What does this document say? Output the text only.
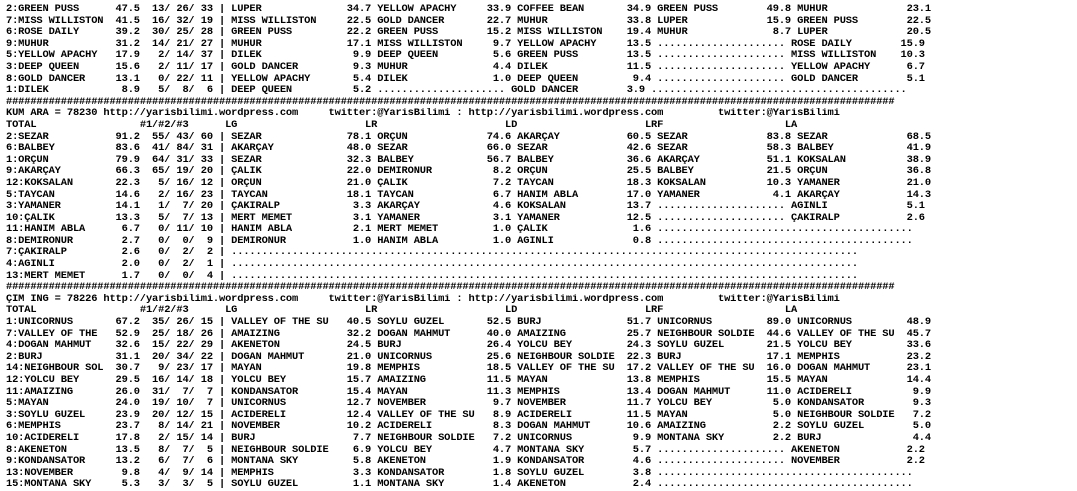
2:GREEN PUSS      47.5  13/ 26/ 33 | LUPER              34.7 YELLOW APACHY     33.9 COFFEE BEAN       34.9 GREEN PUSS        49.8 MÜHÜR             23.1
7:MISS WILLISTON  41.5  16/ 32/ 19 | MISS WILLISTON     22.5 GOLD DANCER       22.7 MÜHÜR             33.8 LUPER             15.9 GREEN PUSS        22.5
6:ROSE DAILY      39.2  30/ 25/ 28 | GREEN PUSS         22.2 GREEN PUSS        15.2 MISS WILLISTON    19.4 MÜHÜR              8.7 LUPER             20.5
9:MÜHÜR           31.2  14/ 21/ 27 | MÜHÜR              17.1 MISS WILLISTON     9.7 YELLOW APACHY     13.5 ..................... ROSE DAILY        15.9
5:YELLOW APACHY   17.9   2/ 14/ 37 | DİLEK               9.9 DEEP QUEEN         5.6 GREEN PUSS        13.5 ..................... MISS WILLISTON    10.3
3:DEEP QUEEN      15.6   2/ 11/ 17 | GOLD DANCER         9.3 MÜHÜR              4.4 DİLEK             11.5 ..................... YELLOW APACHY      6.7
8:GOLD DANCER     13.1   0/ 22/ 11 | YELLOW APACHY       5.4 DİLEK              1.0 DEEP QUEEN         9.4 ..................... GOLD DANCER        5.1
1:DİLEK            8.9   5/  8/  6 | DEEP QUEEN          5.2 ..................... GOLD DANCER        3.9 ..........................................
##################################################################################################################################################
KUM ARA = 78230 http://yarisbilimi.wordpress.com     twitter:@YarisBilimi : http://yarisbilimi.wordpress.com         twitter:@YarisBilimi
TOTAL                 #1/#2/#3      LG                     LR                     LD                     LRF                    LA
2:SEZAR           91.2  55/ 43/ 60 | SEZAR              78.1 ORÇUN             74.6 AKARÇAY           60.5 SEZAR             83.8 SEZAR             68.5
6:BALBEY          83.6  41/ 84/ 31 | AKARÇAY            48.0 SEZAR             66.0 SEZAR             42.6 SEZAR             58.3 BALBEY            41.9
1:ORÇUN           79.9  64/ 31/ 33 | SEZAR              32.3 BALBEY            56.7 BALBEY            36.6 AKARÇAY           51.1 KÖKSALAN          38.9
9:AKARÇAY         66.3  65/ 19/ 20 | ÇALIK              22.0 DEMİRONUR          8.2 ORÇUN             25.5 BALBEY            21.5 ORÇUN             36.8
12:KÖKSALAN       22.3   5/ 16/ 12 | ORÇUN              21.0 ÇALIK              7.2 TAYCAN            18.3 KÖKSALAN          10.3 YAMANER           21.0
5:TAYCAN          14.6   2/ 16/ 23 | TAYCAN             18.1 TAYCAN             6.7 HANIM ABLA        17.0 YAMANER            4.1 AKARÇAY           14.3
3:YAMANER         14.1   1/  7/ 20 | ÇAKIRALP            3.3 AKARÇAY            4.6 KÖKSALAN          13.7 ..................... AĞINLI             5.1
10:ÇALIK          13.3   5/  7/ 13 | MERT MEMET          3.1 YAMANER            3.1 YAMANER           12.5 ..................... ÇAKIRALP           2.6
11:HANIM ABLA      6.7   0/ 11/ 10 | HANIM ABLA          2.1 MERT MEMET         1.0 ÇALIK              1.6 ..........................................
8:DEMİRONUR        2.7   0/  0/  9 | DEMİRONUR           1.0 HANIM ABLA         1.0 AĞINLI             0.8 ..........................................
7:ÇAKIRALP         2.6   0/  2/  2 | .......................................................................................................
4:AĞINLI           2.0   0/  2/  1 | .......................................................................................................
13:MERT MEMET      1.7   0/  0/  4 | .......................................................................................................
##################################################################################################################################################
ÇIM ING = 78226 http://yarisbilimi.wordpress.com     twitter:@YarisBilimi : http://yarisbilimi.wordpress.com         twitter:@YarisBilimi
TOTAL                 #1/#2/#3      LG                     LR                     LD                     LRF                    LA
1:UNICORNUS       67.2  35/ 26/ 15 | VALLEY OF THE SU   40.5 SOYLU GÜZEL       52.5 BURJ              51.7 UNICORNUS         89.0 UNICORNUS         48.9
7:VALLEY OF THE   52.9  25/ 18/ 26 | AMAIZING           32.2 DOĞAN MAHMUT      40.0 AMAIZING          25.7 NEIGHBOUR SOLDIE  44.6 VALLEY OF THE SU  45.7
4:DOĞAN MAHMUT    32.6  15/ 22/ 29 | AKENETON           24.5 BURJ              26.4 YOLCU BEY         24.3 SOYLU GÜZEL       21.5 YOLCU BEY         33.6
2:BURJ            31.1  20/ 34/ 22 | DOĞAN MAHMUT       21.0 UNICORNUS         25.6 NEIGHBOUR SOLDIE  22.3 BURJ              17.1 MEMPHIS           23.2
14:NEIGHBOUR SOL  30.7   9/ 23/ 17 | MAYAN              19.8 MEMPHIS           18.5 VALLEY OF THE SU  17.2 VALLEY OF THE SU  16.0 DOĞAN MAHMUT      23.1
12:YOLCU BEY      29.5  16/ 14/ 18 | YOLCU BEY          15.7 AMAIZING          11.5 MAYAN             13.8 MEMPHIS           15.5 MAYAN             14.4
11:AMAIZING       26.0  31/  7/  7 | KONDANSATÖR        15.4 MAYAN             11.3 MEMPHIS           13.4 DOĞAN MAHMUT      11.0 ACIDERELİ          9.9
5:MAYAN           24.0  19/ 10/  7 | UNICORNUS          12.7 NOVEMBER           9.7 NOVEMBER          11.7 YOLCU BEY          5.0 KONDANSATÖR        9.3
3:SOYLU GÜZEL     23.9  20/ 12/ 15 | ACIDERELİ          12.4 VALLEY OF THE SU   8.9 ACIDERELİ         11.5 MAYAN              5.0 NEIGHBOUR SOLDIE   7.2
6:MEMPHIS         23.7   8/ 14/ 21 | NOVEMBER           10.2 ACIDERELİ          8.3 DOĞAN MAHMUT      10.6 AMAIZING           2.2 SOYLU GÜZEL        5.0
10:ACIDERELİ      17.8   2/ 15/ 14 | BURJ                7.7 NEIGHBOUR SOLDIE   7.2 UNICORNUS          9.9 MONTANA SKY        2.2 BURJ               4.4
8:AKENETON        13.5   8/  7/  5 | NEIGHBOUR SOLDIE    6.9 YOLCU BEY          4.7 MONTANA SKY        5.7 ..................... AKENETON           2.2
9:KONDANSATÖR     13.2   6/  7/  6 | MONTANA SKY         5.8 AKENETON           1.9 KONDANSATÖR        4.6 ..................... NOVEMBER           2.2
13:NOVEMBER        9.8   4/  9/ 14 | MEMPHIS             3.3 KONDANSATÖR        1.8 SOYLU GÜZEL        3.8 ..........................................
15:MONTANA SKY     5.3   3/  3/  5 | SOYLU GÜZEL         1.1 MONTANA SKY        1.4 AKENETON           2.4 ..........................................
